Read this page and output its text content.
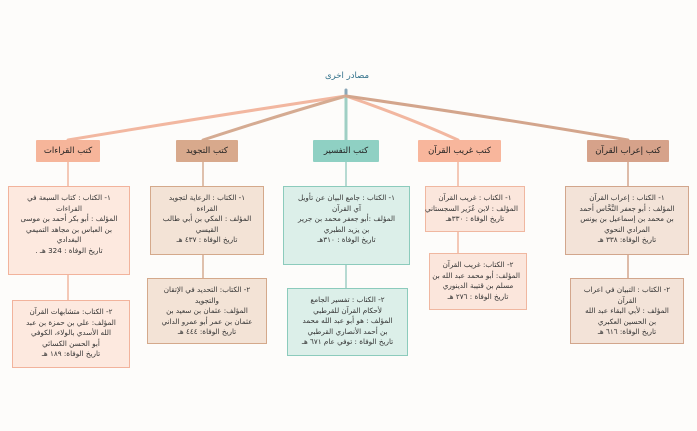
مصادر اخرى
كتب القراءات	كتب التجويد	كتب التفسير	كتب غريب القرآن	كتب إعراب القرآن
١- الكتاب : كتاب السبعة في
القراءات
المؤلف : أبو بكر أحمد بن موسى
بن العباس بن مجاهد التميمي
البغدادي
تاريخ الوفاة : 324 هـ .
٢- الكتاب: متشابهات القرآن
المؤلف: علي بن حمزة بن عبد
الله الأسدي بالولاء، الكوفي
أبو الحسن الكسائي
تاريخ الوفاة: ١٨٩ هـ
١- الكتاب : الرعاية لتجويد
القراءة
المؤلف : المكي بن أبي طالب
القيسي
تاريخ الوفاة : ٤٣٧ هـ
٢- الكتاب: التحديد في الإتقان
والتجويد
المؤلف: عثمان بن سعيد بن
عثمان بن عمر أبو عمرو الداني
تاريخ الوفاة: ٤٤٤ هـ
١- الكتاب : جامع البيان عن تأويل
آي القرآن
المؤلف :أبو جعفر محمد بن جرير
بن يزيد الطبري
تاريخ الوفاة : ٣١٠هـ
٢- الكتاب : تفسير الجامع
لأحكام القرآن للقرطبي
المؤلف : هو أبو عبد الله محمد
بن أحمد الأنصاري القرطبي
تاريخ الوفاة : توفي عام ٦٧١ هـ
١- الكتاب : غريب القرآن
المؤلف : لابن عُزَير السجستاني
تاريخ الوفاة : ٣٣٠هـ
٢- الكتاب: غريب القرآن
المؤلف: أبو محمد عبد الله بن
مسلم بن قتيبة الدينوري
تاريخ الوفاة : ٢٧٦ هـ
١- الكتاب : إعراب القرآن
المؤلف : أبو جعفر النَّحَّاس أحمد
بن محمد بن إسماعيل بن يونس
المرادي النحوي
تاريخ الوفاة: ٣٣٨ هـ
٢- الكتاب : التبيان في اعراب
القرآن
المؤلف : لأبي البقاء عبد الله
بن الحسين العكبري
تاريخ الوفاة: ٦١٦ هـ
